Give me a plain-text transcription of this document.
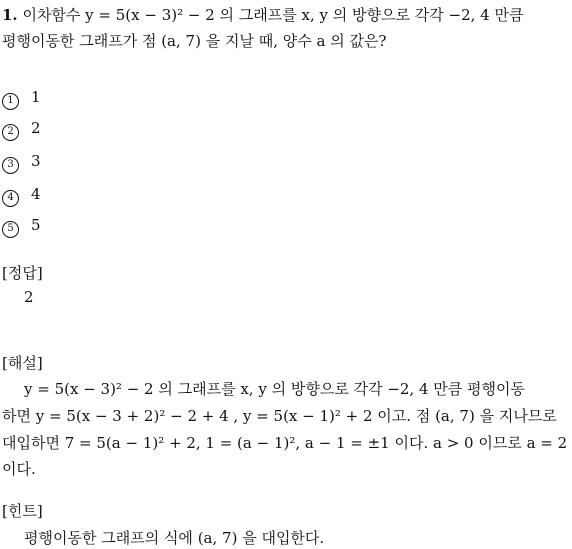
1. 이차함수 y = 5(x − 3)² − 2 의 그래프를 x, y 의 방향으로 각각 −2, 4 만큼
평행이동한 그래프가 점 (a, 7) 을 지날 때, 양수 a 의 값은?
1	1
2	2
3	3
4	4
5	5
[정답]
2
[해설]
y = 5(x − 3)² − 2 의 그래프를 x, y 의 방향으로 각각 −2, 4 만큼 평행이동
하면 y = 5(x − 3 + 2)² − 2 + 4 , y = 5(x − 1)² + 2 이고. 점 (a, 7) 을 지나므로
대입하면 7 = 5(a − 1)² + 2, 1 = (a − 1)², a − 1 = ±1 이다. a > 0 이므로 a = 2
이다.
[힌트]
평행이동한 그래프의 식에 (a, 7) 을 대입한다.
